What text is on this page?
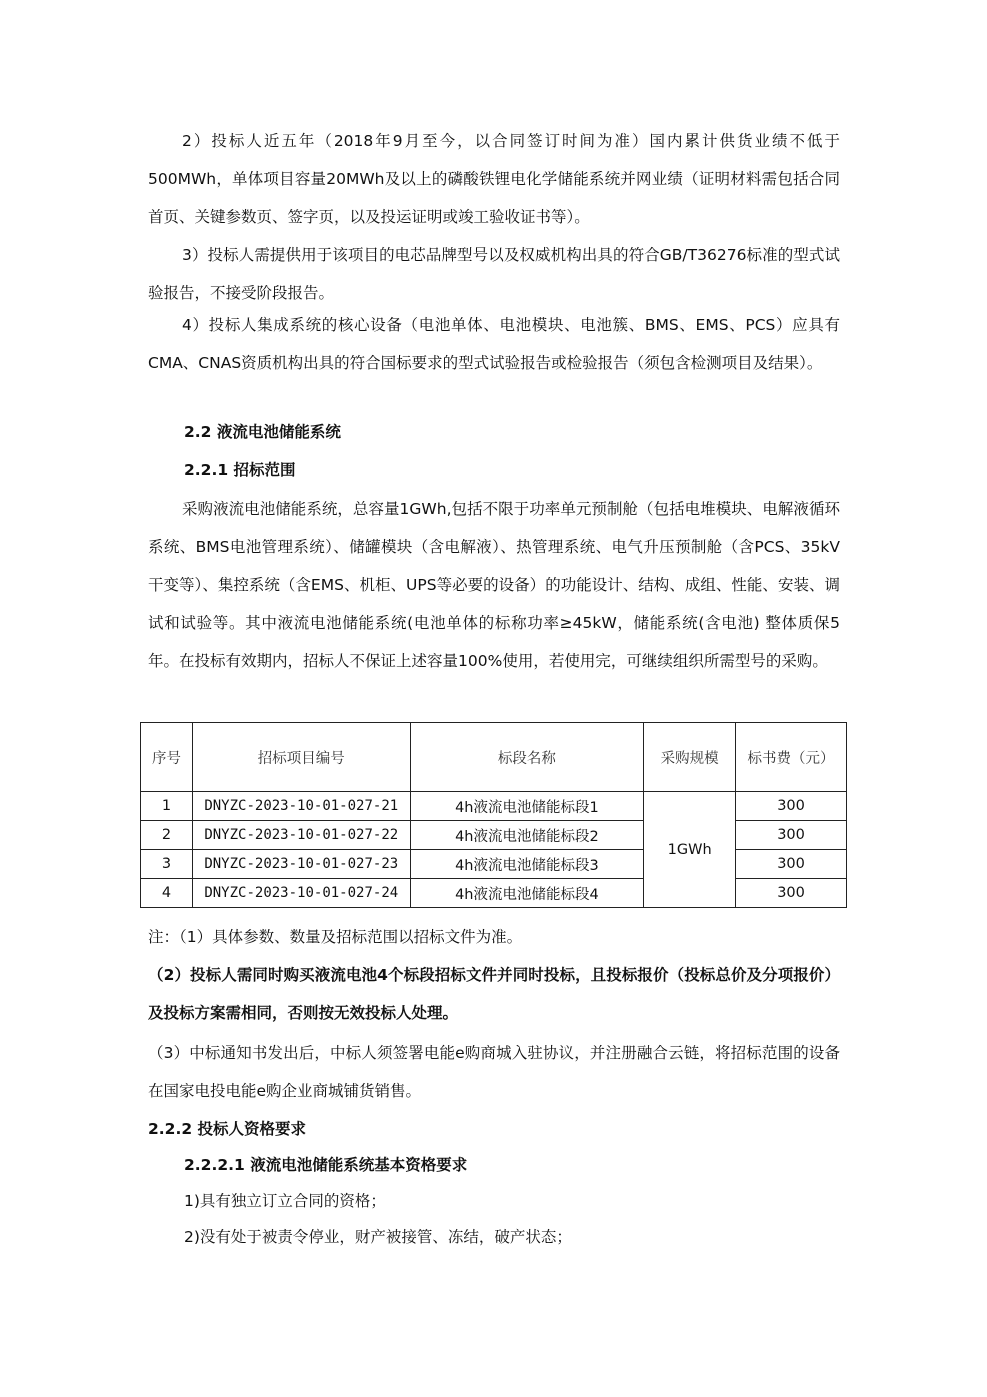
2）投标人近五年（2018年9月至今，以合同签订时间为准）国内累计供货业绩不低于500MWh，单体项目容量20MWh及以上的磷酸铁锂电化学储能系统并网业绩（证明材料需包括合同首页、关键参数页、签字页，以及投运证明或竣工验收证书等）。

3）投标人需提供用于该项目的电芯品牌型号以及权威机构出具的符合GB/T36276标准的型式试验报告，不接受阶段报告。

4）投标人集成系统的核心设备（电池单体、电池模块、电池簇、BMS、EMS、PCS）应具有CMA、CNAS资质机构出具的符合国标要求的型式试验报告或检验报告（须包含检测项目及结果）。

2.2 液流电池储能系统

2.2.1 招标范围

采购液流电池储能系统，总容量1GWh,包括不限于功率单元预制舱（包括电堆模块、电解液循环系统、BMS电池管理系统）、储罐模块（含电解液）、热管理系统、电气升压预制舱（含PCS、35kV干变等）、集控系统（含EMS、机柜、UPS等必要的设备）的功能设计、结构、成组、性能、安装、调试和试验等。其中液流电池储能系统(电池单体的标称功率≥45kW，储能系统(含电池) 整体质保5年。在投标有效期内，招标人不保证上述容量100%使用，若使用完，可继续组织所需型号的采购。

序号	招标项目编号	标段名称	采购规模	标书费（元）
1	DNYZC-2023-10-01-027-21	4h液流电池储能标段1	1GWh	300
2	DNYZC-2023-10-01-027-22	4h液流电池储能标段2		300
3	DNYZC-2023-10-01-027-23	4h液流电池储能标段3		300
4	DNYZC-2023-10-01-027-24	4h液流电池储能标段4		300

注：（1）具体参数、数量及招标范围以招标文件为准。

（2）投标人需同时购买液流电池4个标段招标文件并同时投标，且投标报价（投标总价及分项报价）及投标方案需相同，否则按无效投标人处理。

（3）中标通知书发出后，中标人须签署电能e购商城入驻协议，并注册融合云链，将招标范围的设备在国家电投电能e购企业商城铺货销售。

2.2.2 投标人资格要求

2.2.2.1 液流电池储能系统基本资格要求

1)具有独立订立合同的资格；

2)没有处于被责令停业，财产被接管、冻结，破产状态；
